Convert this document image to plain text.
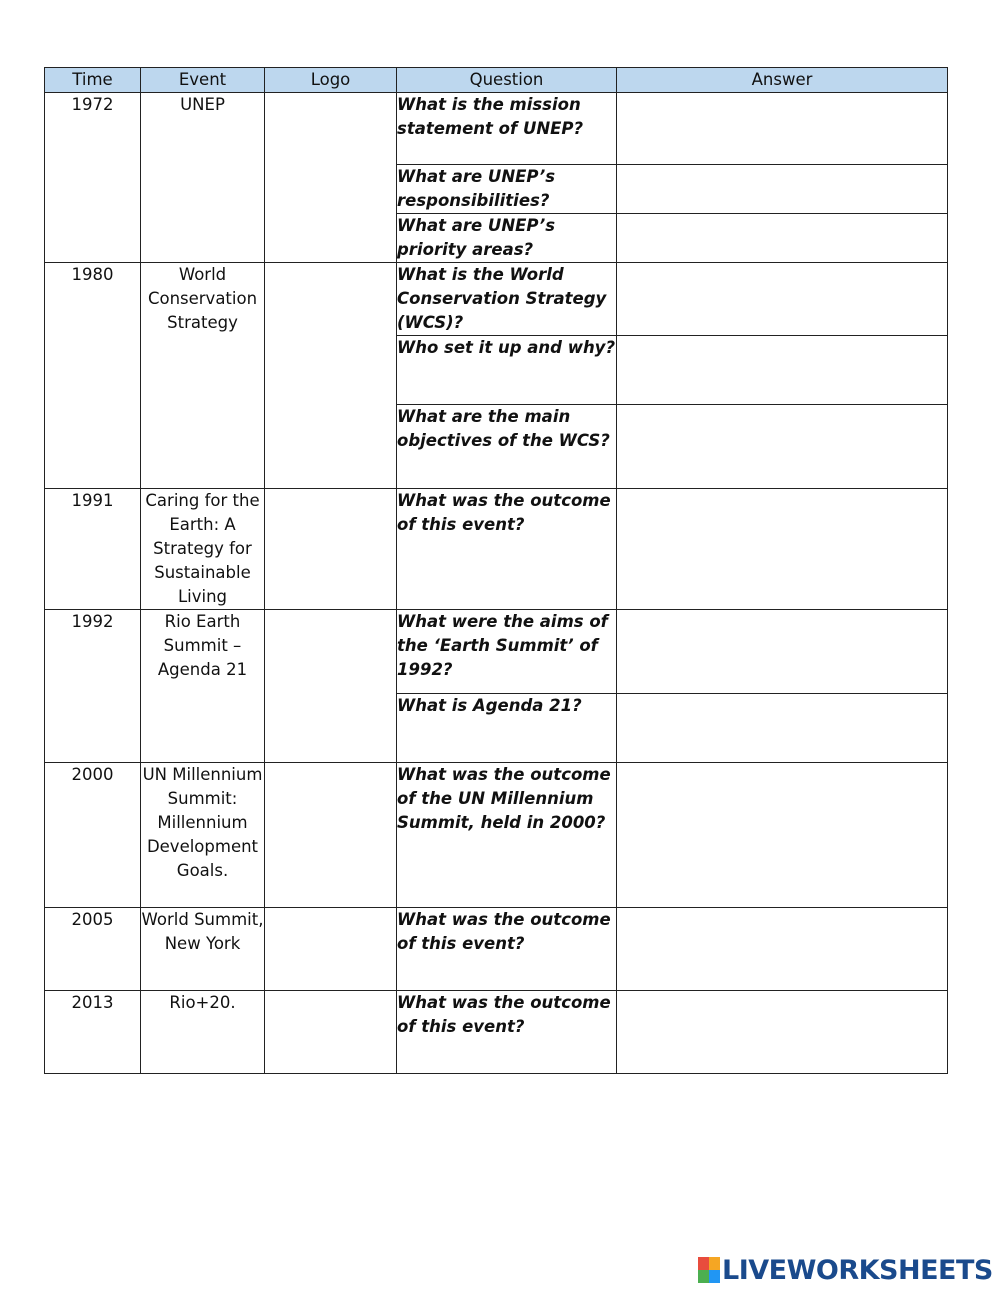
Time	Event	Logo	Question	Answer
1972	UNEP		What is the mission statement of UNEP?	
			What are UNEP’s responsibilities?	
			What are UNEP’s priority areas?	
1980	World Conservation Strategy		What is the World Conservation Strategy (WCS)?	
			Who set it up and why?	
			What are the main objectives of the WCS?	
1991	Caring for the Earth: A Strategy for Sustainable Living		What was the outcome of this event?	
1992	Rio Earth Summit – Agenda 21		What were the aims of the ‘Earth Summit’ of 1992?	
			What is Agenda 21?	
2000	UN Millennium Summit: Millennium Development Goals.		What was the outcome of the UN Millennium Summit, held in 2000?	
2005	World Summit, New York		What was the outcome of this event?	
2013	Rio+20.		What was the outcome of this event?	
LIVEWORKSHEETS
